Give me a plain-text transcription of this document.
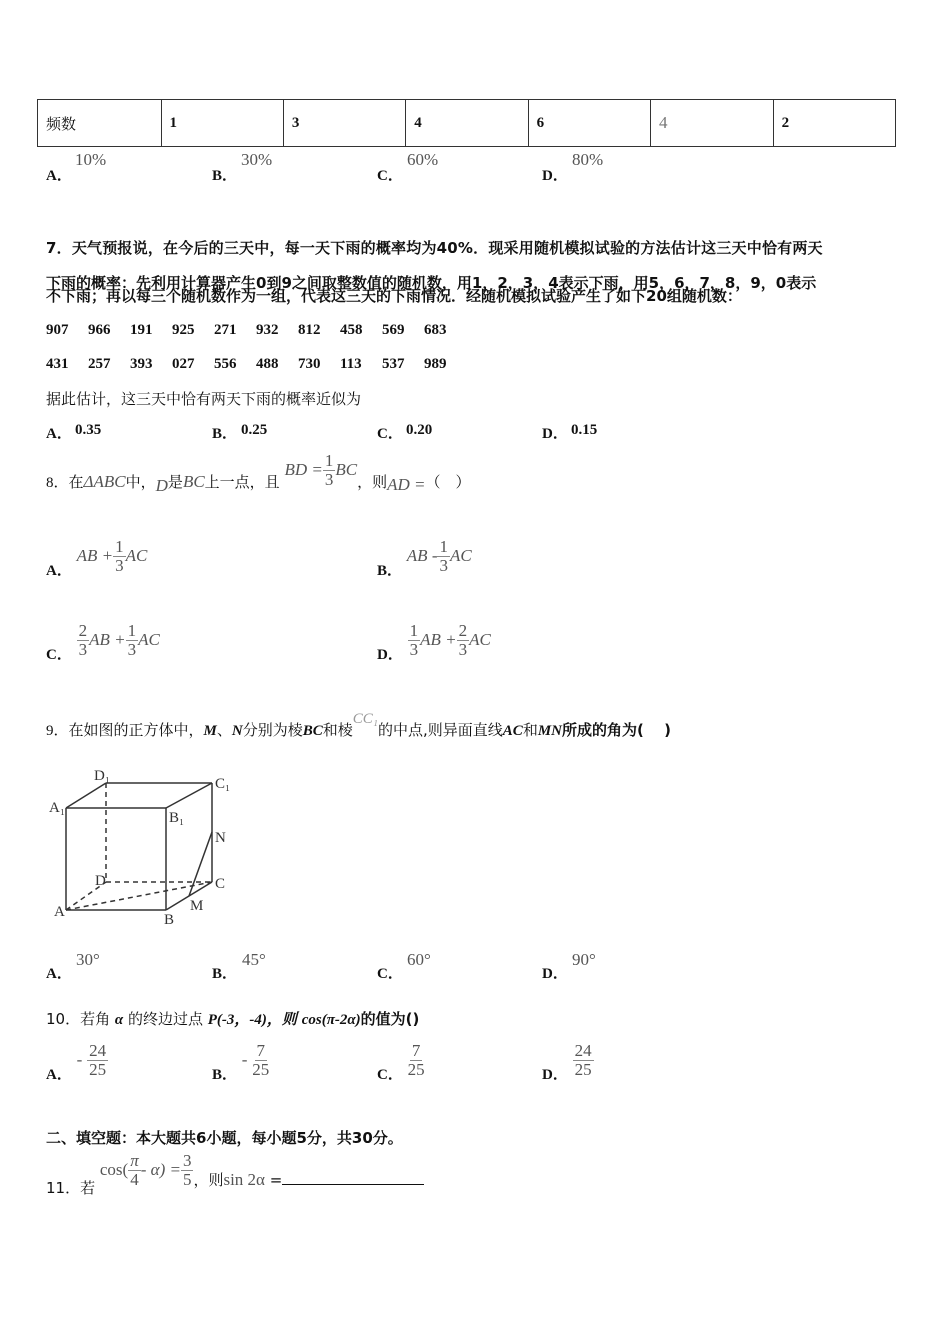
频数	1	3	4	6	4	2
A．
10%
B．
30%
C．
60%
D．
80%
7．天气预报说，在今后的三天中，每一天下雨的概率均为40%．现采用随机模拟试验的方法估计这三天中恰有两天
下雨的概率：先利用计算器产生0到9之间取整数值的随机数，用1，2，3，4表示下雨，用5，6，7，8，9，0表示
不下雨；再以每三个随机数作为一组，代表这三天的下雨情况．经随机模拟试验产生了如下20组随机数：
907 966 191 925 271 932 812 458 569 683
431 257 393 027 556 488 730 113 537 989
据此估计，这三天中恰有两天下雨的概率近似为
A． 0.35	B． 0.25	C． 0.20	D． 0.15
8．在ΔABC中，D是BC上一点，且 BD = $\frac{1}{3}$ BC，则AD =（　）
A． AB + $\frac{1}{3}$ AC
B． AB - $\frac{1}{3}$ AC
C． $\frac{2}{3}$ AB + $\frac{1}{3}$ AC
D． $\frac{1}{3}$ AB + $\frac{2}{3}$ AC
9．在如图的正方体中，M、N分别为棱BC和棱CC₁的中点,则异面直线AC和MN所成的角为(　 )
D₁	C₁
A₁
B₁
N
D	C
A	B
M
A．
30°
B．
45°
C．
60°
D．
90°
10．若角 α 的终边过点 P(-3，-4)，则 cos(π-2α)的值为()
A． - $\frac{24}{25}$	B． - $\frac{7}{25}$	C． $\frac{7}{25}$	D． $\frac{24}{25}$
二、填空题：本大题共6小题，每小题5分，共30分。
11．若 $\cos( \frac{\pi}{4} - \alpha) = \frac{3}{5}$ ，则sin 2α =
